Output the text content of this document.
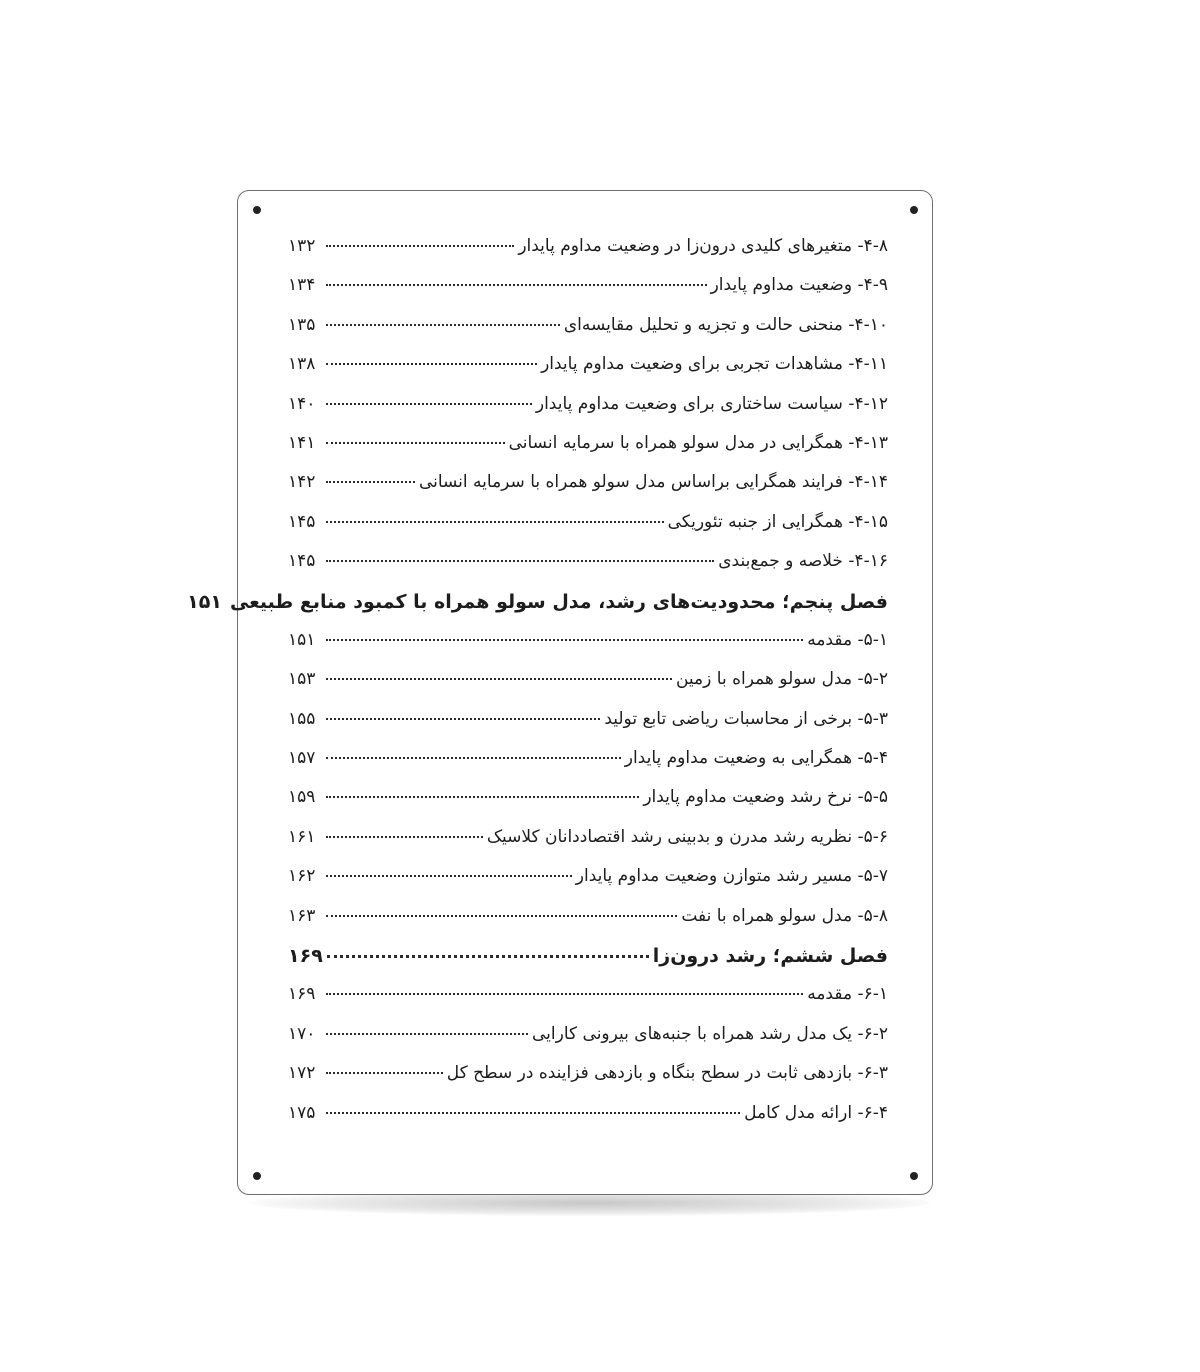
۴-۸- متغیرهای کلیدی درون‌زا در وضعیت مداوم پایدار
۱۳۲
۴-۹- وضعیت مداوم پایدار
۱۳۴
۴-۱۰- منحنی حالت و تجزیه و تحلیل مقایسه‌ای
۱۳۵
۴-۱۱- مشاهدات تجربی برای وضعیت مداوم پایدار
۱۳۸
۴-۱۲- سیاست ساختاری برای وضعیت مداوم پایدار
۱۴۰
۴-۱۳- همگرایی در مدل سولو همراه با سرمایه انسانی
۱۴۱
۴-۱۴- فرایند همگرایی براساس مدل سولو همراه با سرمایه انسانی
۱۴۲
۴-۱۵- همگرایی از جنبه تئوریکی
۱۴۵
۴-۱۶- خلاصه و جمع‌بندی
۱۴۵
فصل پنجم؛ محدودیت‌های رشد، مدل سولو همراه با کمبود منابع طبیعی
۱۵۱
۵-۱- مقدمه
۱۵۱
۵-۲- مدل سولو همراه با زمین
۱۵۳
۵-۳- برخی از محاسبات ریاضی تابع تولید
۱۵۵
۵-۴- همگرایی به وضعیت مداوم پایدار
۱۵۷
۵-۵- نرخ رشد وضعیت مداوم پایدار
۱۵۹
۵-۶- نظریه رشد مدرن و بدبینی رشد اقتصاددانان کلاسیک
۱۶۱
۵-۷- مسیر رشد متوازن وضعیت مداوم پایدار
۱۶۲
۵-۸- مدل سولو همراه با نفت
۱۶۳
فصل ششم؛ رشد درون‌زا
۱۶۹
۶-۱- مقدمه
۱۶۹
۶-۲- یک مدل رشد همراه با جنبه‌های بیرونی کارایی
۱۷۰
۶-۳- بازدهی ثابت در سطح بنگاه و بازدهی فزاینده در سطح کل
۱۷۲
۶-۴- ارائه مدل کامل
۱۷۵
